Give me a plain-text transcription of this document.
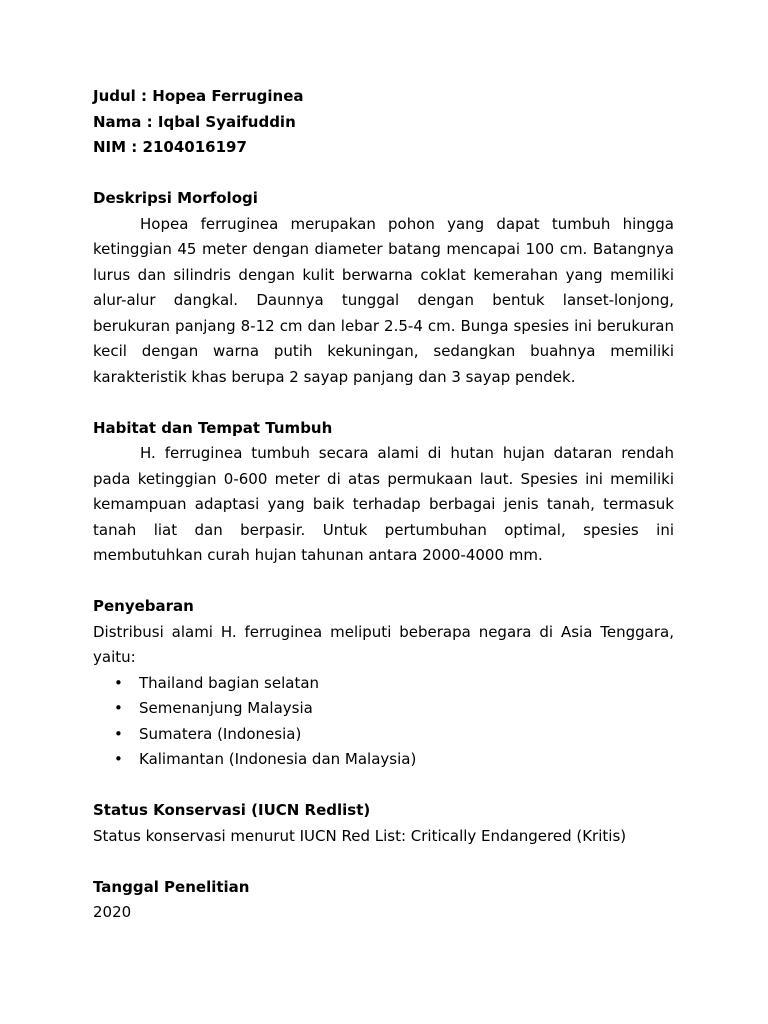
Judul : Hopea Ferruginea
Nama : Iqbal Syaifuddin
NIM : 2104016197
Deskripsi Morfologi

Hopea ferruginea merupakan pohon yang dapat tumbuh hingga ketinggian 45 meter dengan diameter batang mencapai 100 cm. Batangnya lurus dan silindris dengan kulit berwarna coklat kemerahan yang memiliki alur-alur dangkal. Daunnya tunggal dengan bentuk lanset-lonjong, berukuran panjang 8-12 cm dan lebar 2.5-4 cm. Bunga spesies ini berukuran kecil dengan warna putih kekuningan, sedangkan buahnya memiliki karakteristik khas berupa 2 sayap panjang dan 3 sayap pendek.

Habitat dan Tempat Tumbuh

H. ferruginea tumbuh secara alami di hutan hujan dataran rendah pada ketinggian 0-600 meter di atas permukaan laut. Spesies ini memiliki kemampuan adaptasi yang baik terhadap berbagai jenis tanah, termasuk tanah liat dan berpasir. Untuk pertumbuhan optimal, spesies ini membutuhkan curah hujan tahunan antara 2000-4000 mm.

Penyebaran

Distribusi alami H. ferruginea meliputi beberapa negara di Asia Tenggara, yaitu:

• Thailand bagian selatan
• Semenanjung Malaysia
• Sumatera (Indonesia)
• Kalimantan (Indonesia dan Malaysia)
Status Konservasi (IUCN Redlist)
Status konservasi menurut IUCN Red List: Critically Endangered (Kritis)
Tanggal Penelitian
2020
